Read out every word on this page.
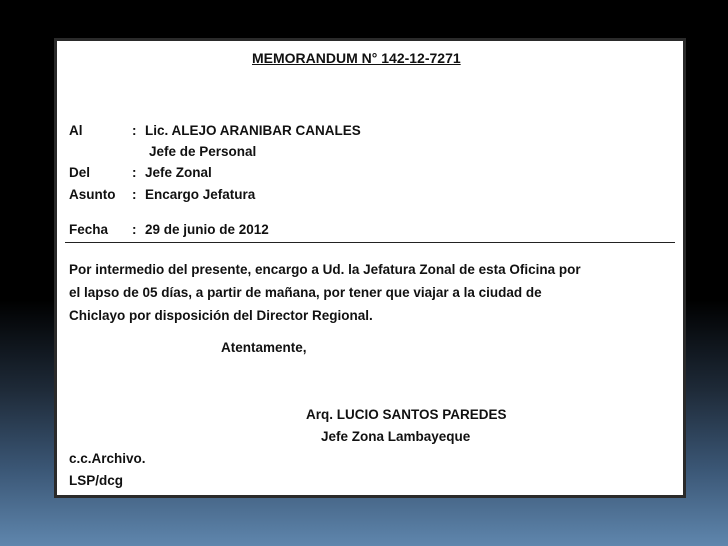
MEMORANDUM N° 142-12-7271
Al	: Lic. ALEJO ARANIBAR CANALES
Jefe de Personal
Del	: Jefe Zonal
Asunto : Encargo Jefatura
Fecha : 29 de junio de 2012
Por intermedio del presente, encargo a Ud. la Jefatura Zonal de esta Oficina por
el lapso de 05 días, a partir de mañana, por tener que viajar a la ciudad de
Chiclayo por disposición del Director Regional.
Atentamente,
Arq. LUCIO SANTOS PAREDES
Jefe Zona Lambayeque
c.c.Archivo.
LSP/dcg
